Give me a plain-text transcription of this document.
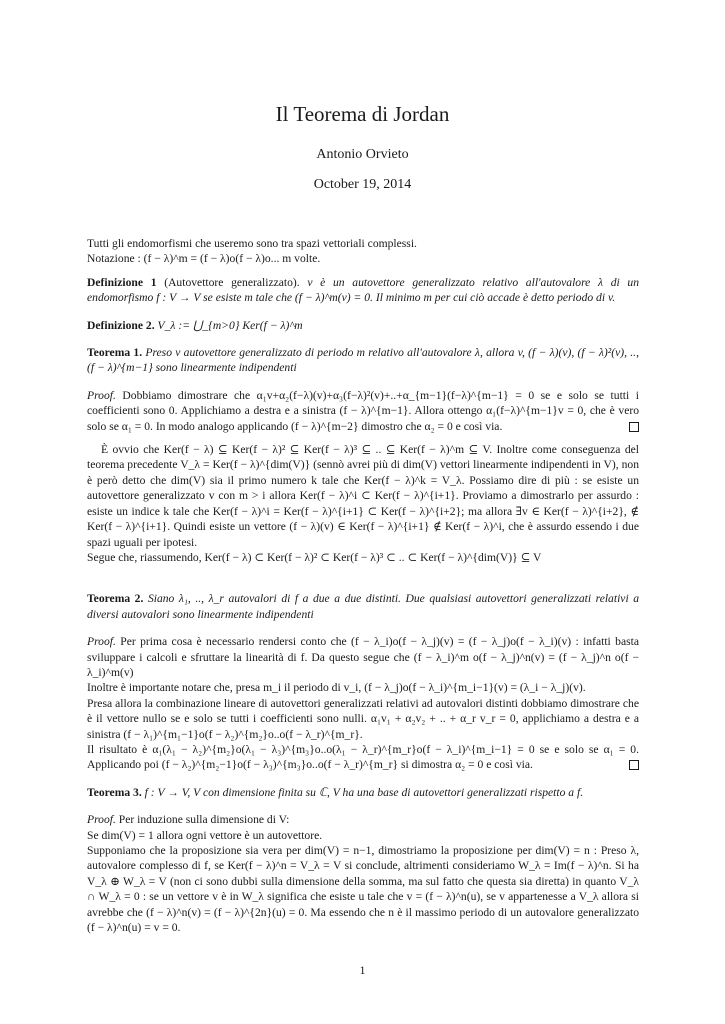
Il Teorema di Jordan
Antonio Orvieto
October 19, 2014

Tutti gli endomorfismi che useremo sono tra spazi vettoriali complessi.

Notazione : (f − λ)^m = (f − λ)o(f − λ)o... m volte.

Definizione 1 (Autovettore generalizzato). v è un autovettore generalizzato relativo all'autovalore λ di un endomorfismo f : V → V se esiste m tale che (f − λ)^m(v) = 0. Il minimo m per cui ciò accade è detto periodo di v.

Definizione 2. V_λ := ⋃_{m>0} Ker(f − λ)^m

Teorema 1. Preso v autovettore generalizzato di periodo m relativo all'autovalore λ, allora v, (f − λ)(v), (f − λ)²(v), .., (f − λ)^{m−1} sono linearmente indipendenti

Proof. Dobbiamo dimostrare che α₁v+α₂(f−λ)(v)+α₃(f−λ)²(v)+..+α_{m−1}(f−λ)^{m−1} = 0 se e solo se tutti i coefficienti sono 0. Applichiamo a destra e a sinistra (f − λ)^{m−1}. Allora ottengo α₁(f−λ)^{m−1}v = 0, che è vero solo se α₁ = 0. In modo analogo applicando (f − λ)^{m−2} dimostro che α₂ = 0 e così via.

È ovvio che Ker(f − λ) ⊆ Ker(f − λ)² ⊆ Ker(f − λ)³ ⊆ .. ⊆ Ker(f − λ)^m ⊆ V. Inoltre come conseguenza del teorema precedente V_λ = Ker(f − λ)^{dim(V)} (sennò avrei più di dim(V) vettori linearmente indipendenti in V), non è però detto che dim(V) sia il primo numero k tale che Ker(f − λ)^k = V_λ. Possiamo dire di più : se esiste un autovettore generalizzato v con m > i allora Ker(f − λ)^i ⊂ Ker(f − λ)^{i+1}. Proviamo a dimostrarlo per assurdo : esiste un indice k tale che Ker(f − λ)^i = Ker(f − λ)^{i+1} ⊂ Ker(f − λ)^{i+2}; ma allora ∃v ∈ Ker(f − λ)^{i+2}, ∉ Ker(f − λ)^{i+1}. Quindi esiste un vettore (f − λ)(v) ∈ Ker(f − λ)^{i+1} ∉ Ker(f − λ)^i, che è assurdo essendo i due spazi uguali per ipotesi.

Segue che, riassumendo, Ker(f − λ) ⊂ Ker(f − λ)² ⊂ Ker(f − λ)³ ⊂ .. ⊂ Ker(f − λ)^{dim(V)} ⊆ V

Teorema 2. Siano λ₁, .., λ_r autovalori di f a due a due distinti. Due qualsiasi autovettori generalizzati relativi a diversi autovalori sono linearmente indipendenti

Proof. Per prima cosa è necessario rendersi conto che (f − λ_i)o(f − λ_j)(v) = (f − λ_j)o(f − λ_i)(v) : infatti basta sviluppare i calcoli e sfruttare la linearità di f. Da questo segue che (f − λ_i)^m o(f − λ_j)^n(v) = (f − λ_j)^n o(f − λ_i)^m(v)

Inoltre è importante notare che, presa m_i il periodo di v_i, (f − λ_j)o(f − λ_i)^{m_i−1}(v) = (λ_i − λ_j)(v).

Presa allora la combinazione lineare di autovettori generalizzati relativi ad autovalori distinti dobbiamo dimostrare che è il vettore nullo se e solo se tutti i coefficienti sono nulli. α₁v₁ + α₂v₂ + .. + α_r v_r = 0, applichiamo a destra e a sinistra (f − λ₁)^{m₁−1}o(f − λ₂)^{m₂}o..o(f − λ_r)^{m_r}.

Il risultato è α₁(λ₁ − λ₂)^{m₂}o(λ₁ − λ₃)^{m₃}o..o(λ₁ − λ_r)^{m_r}o(f − λ_i)^{m_i−1} = 0 se e solo se α₁ = 0. Applicando poi (f − λ₂)^{m₂−1}o(f − λ₃)^{m₃}o..o(f − λ_r)^{m_r} si dimostra α₂ = 0 e così via.

Teorema 3. f : V → V, V con dimensione finita su ℂ, V ha una base di autovettori generalizzati rispetto a f.

Proof. Per induzione sulla dimensione di V:

Se dim(V) = 1 allora ogni vettore è un autovettore.

Supponiamo che la proposizione sia vera per dim(V) = n−1, dimostriamo la proposizione per dim(V) = n : Preso λ, autovalore complesso di f, se Ker(f − λ)^n = V_λ = V si conclude, altrimenti consideriamo W_λ = Im(f − λ)^n. Si ha V_λ ⊕ W_λ = V (non ci sono dubbi sulla dimensione della somma, ma sul fatto che questa sia diretta) in quanto V_λ ∩ W_λ = 0 : se un vettore v è in W_λ significa che esiste u tale che v = (f − λ)^n(u), se v appartenesse a V_λ allora si avrebbe che (f − λ)^n(v) = (f − λ)^{2n}(u) = 0. Ma essendo che n è il massimo periodo di un autovalore generalizzato (f − λ)^n(u) = v = 0.

1
